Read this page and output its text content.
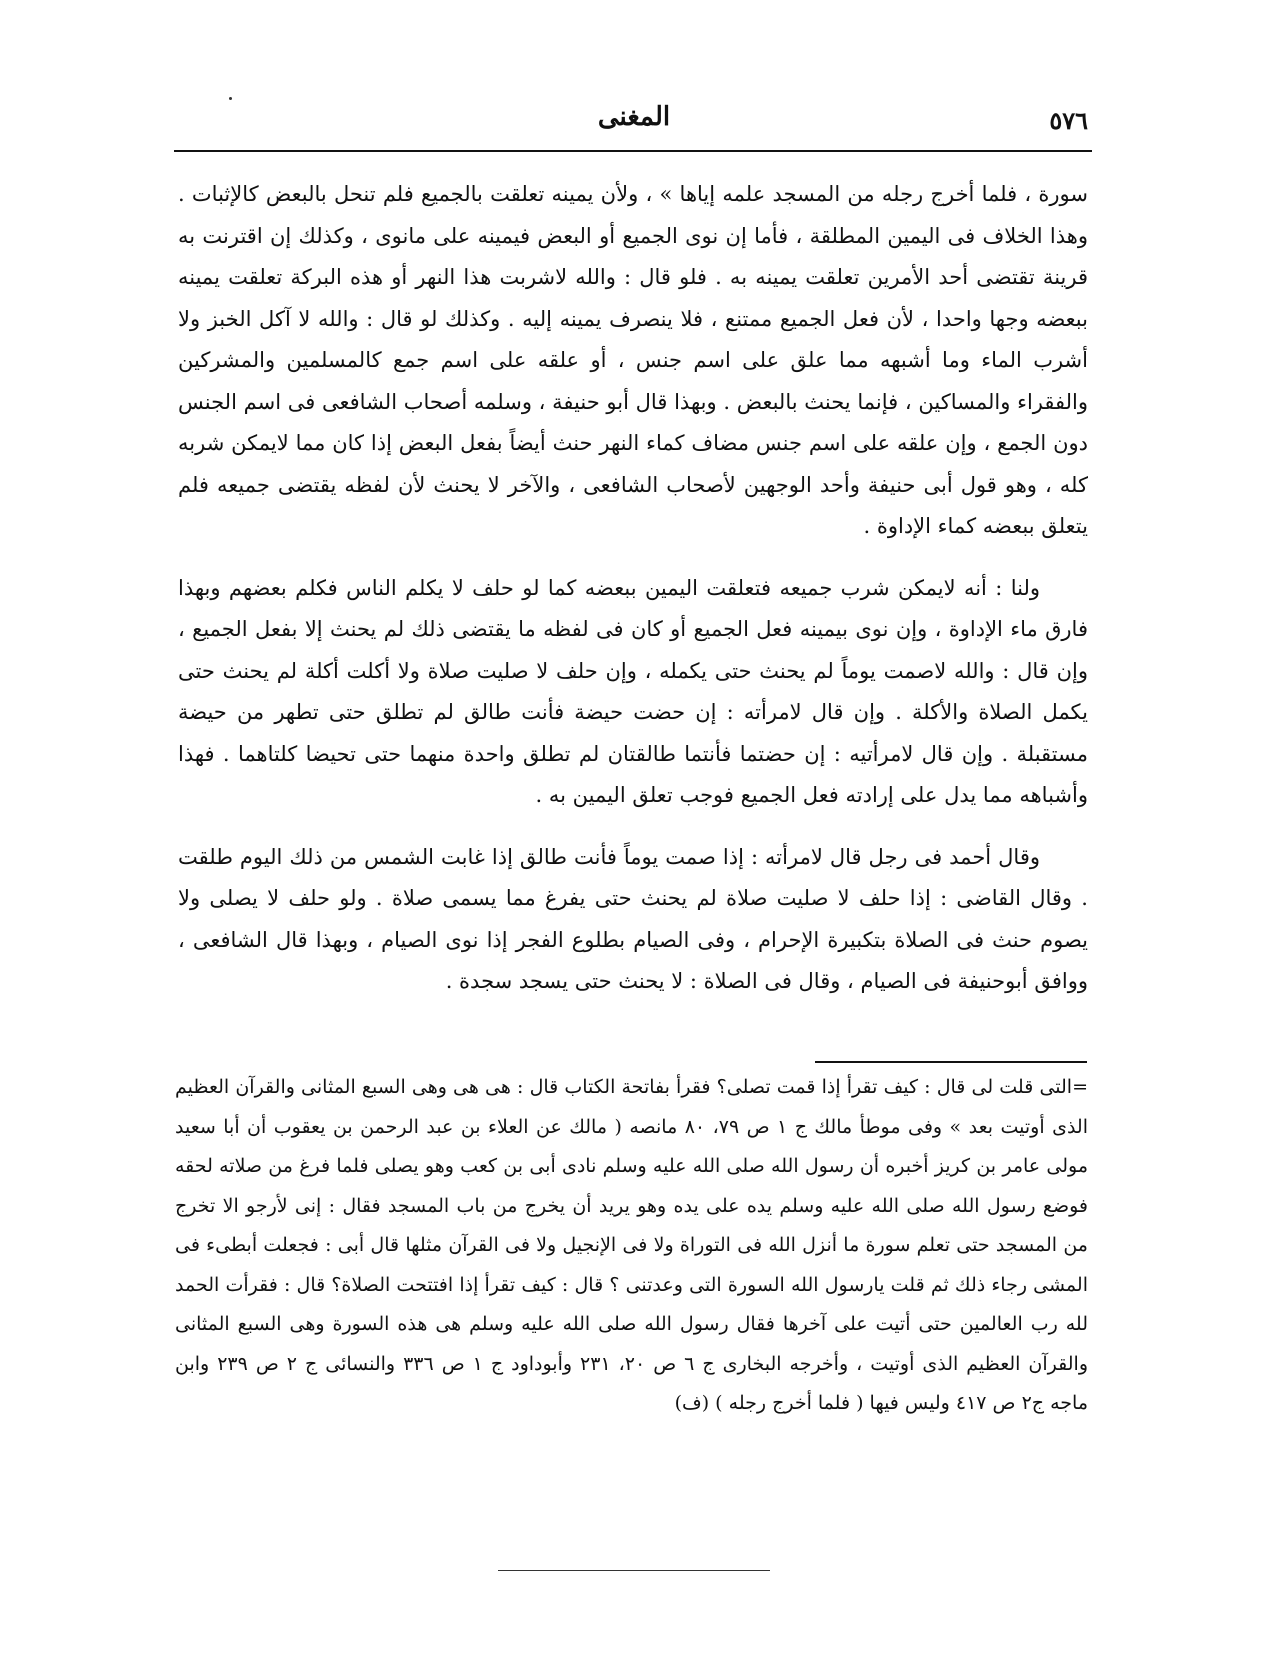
٥٧٦
المغنى

سورة ، فلما أخرج رجله من المسجد علمه إياها » ، ولأن يمينه تعلقت بالجميع فلم تنحل بالبعض كالإثبات . وهذا الخلاف فى اليمين المطلقة ، فأما إن نوى الجميع أو البعض فيمينه على مانوى ، وكذلك إن اقترنت به قرينة تقتضى أحد الأمرين تعلقت يمينه به . فلو قال : والله لاشربت هذا النهر أو هذه البركة تعلقت يمينه ببعضه وجها واحدا ، لأن فعل الجميع ممتنع ، فلا ينصرف يمينه إليه . وكذلك لو قال : والله لا آكل الخبز ولا أشرب الماء وما أشبهه مما علق على اسم جنس ، أو علقه على اسم جمع كالمسلمين والمشركين والفقراء والمساكين ، فإنما يحنث بالبعض . وبهذا قال أبو حنيفة ، وسلمه أصحاب الشافعى فى اسم الجنس دون الجمع ، وإن علقه على اسم جنس مضاف كماء النهر حنث أيضاً بفعل البعض إذا كان مما لايمكن شربه كله ، وهو قول أبى حنيفة وأحد الوجهين لأصحاب الشافعى ، والآخر لا يحنث لأن لفظه يقتضى جميعه فلم يتعلق ببعضه كماء الإداوة .

ولنا : أنه لايمكن شرب جميعه فتعلقت اليمين ببعضه كما لو حلف لا يكلم الناس فكلم بعضهم وبهذا فارق ماء الإداوة ، وإن نوى بيمينه فعل الجميع أو كان فى لفظه ما يقتضى ذلك لم يحنث إلا بفعل الجميع ، وإن قال : والله لاصمت يوماً لم يحنث حتى يكمله ، وإن حلف لا صليت صلاة ولا أكلت أكلة لم يحنث حتى يكمل الصلاة والأكلة . وإن قال لامرأته : إن حضت حيضة فأنت طالق لم تطلق حتى تطهر من حيضة مستقبلة . وإن قال لامرأتيه : إن حضتما فأنتما طالقتان لم تطلق واحدة منهما حتى تحيضا كلتاهما . فهذا وأشباهه مما يدل على إرادته فعل الجميع فوجب تعلق اليمين به .

وقال أحمد فى رجل قال لامرأته : إذا صمت يوماً فأنت طالق إذا غابت الشمس من ذلك اليوم طلقت . وقال القاضى : إذا حلف لا صليت صلاة لم يحنث حتى يفرغ مما يسمى صلاة . ولو حلف لا يصلى ولا يصوم حنث فى الصلاة بتكبيرة الإحرام ، وفى الصيام بطلوع الفجر إذا نوى الصيام ، وبهذا قال الشافعى ، ووافق أبوحنيفة فى الصيام ، وقال فى الصلاة : لا يحنث حتى يسجد سجدة .

=التى قلت لى قال : كيف تقرأ إذا قمت تصلى؟ فقرأ بفاتحة الكتاب قال : هى هى وهى السبع المثانى والقرآن العظيم الذى أوتيت بعد » وفى موطأ مالك ج ١ ص ٧٩، ٨٠ مانصه ( مالك عن العلاء بن عبد الرحمن بن يعقوب أن أبا سعيد مولى عامر بن كريز أخبره أن رسول الله صلى الله عليه وسلم نادى أبى بن كعب وهو يصلى فلما فرغ من صلاته لحقه فوضع رسول الله صلى الله عليه وسلم يده على يده وهو يريد أن يخرج من باب المسجد فقال : إنى لأرجو الا تخرج من المسجد حتى تعلم سورة ما أنزل الله فى التوراة ولا فى الإنجيل ولا فى القرآن مثلها قال أبى : فجعلت أبطىء فى المشى رجاء ذلك ثم قلت يارسول الله السورة التى وعدتنى ؟ قال : كيف تقرأ إذا افتتحت الصلاة؟ قال : فقرأت الحمد لله رب العالمين حتى أتيت على آخرها فقال رسول الله صلى الله عليه وسلم هى هذه السورة وهى السبع المثانى والقرآن العظيم الذى أوتيت ، وأخرجه البخارى ج ٦ ص ٢٠، ٢٣١ وأبوداود ج ١ ص ٣٣٦ والنسائى ج ٢ ص ٢٣٩ وابن ماجه ج٢ ص ٤١٧ وليس فيها ( فلما أخرج رجله ) (ف)
